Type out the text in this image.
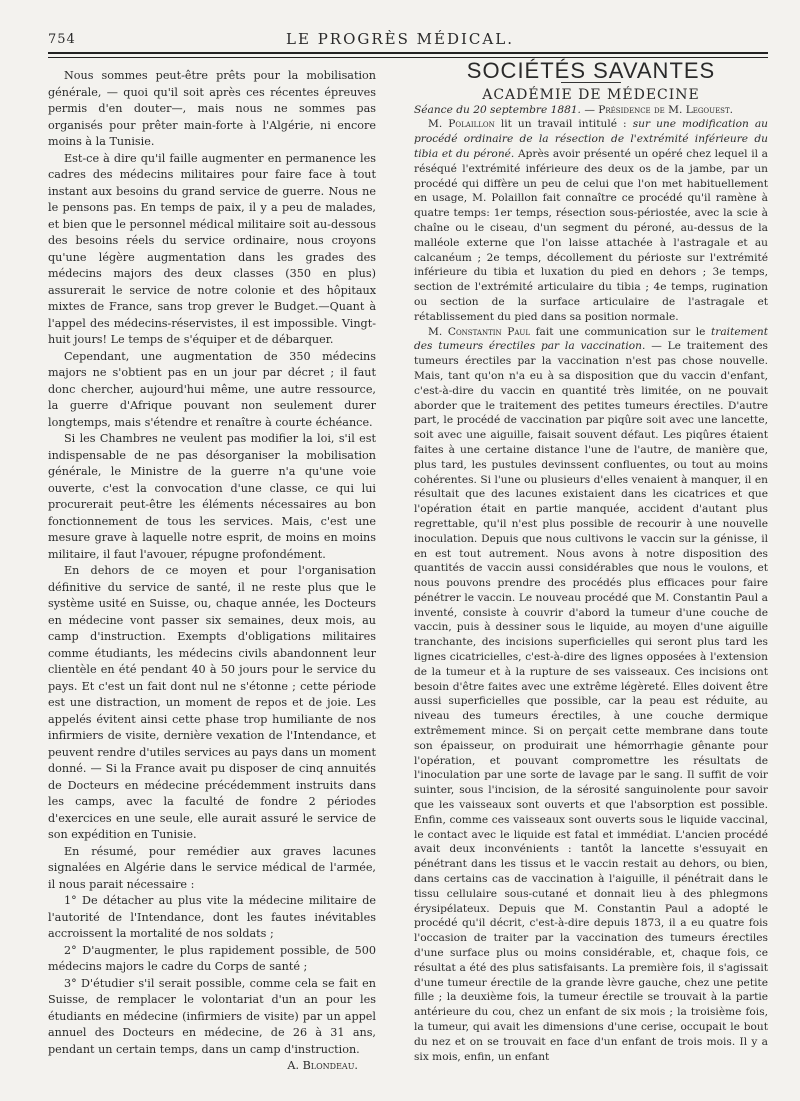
754	LE PROGRÈS MÉDICAL.

Nous sommes peut-être prêts pour la mobilisation générale, — quoi qu'il soit après ces récentes épreuves permis d'en douter—, mais nous ne sommes pas organisés pour prêter main-forte à l'Algérie, ni encore moins à la Tunisie.

Est-ce à dire qu'il faille augmenter en permanence les cadres des médecins militaires pour faire face à tout instant aux besoins du grand service de guerre. Nous ne le pensons pas. En temps de paix, il y a peu de malades, et bien que le personnel médical militaire soit au-dessous des besoins réels du service ordinaire, nous croyons qu'une légère augmentation dans les grades des médecins majors des deux classes (350 en plus) assurerait le service de notre colonie et des hôpitaux mixtes de France, sans trop grever le Budget.—Quant à l'appel des médecins-réservistes, il est impossible. Vingt-huit jours! Le temps de s'équiper et de débarquer.

Cependant, une augmentation de 350 médecins majors ne s'obtient pas en un jour par décret ; il faut donc chercher, aujourd'hui même, une autre ressource, la guerre d'Afrique pouvant non seulement durer longtemps, mais s'étendre et renaître à courte échéance.

Si les Chambres ne veulent pas modifier la loi, s'il est indispensable de ne pas désorganiser la mobilisation générale, le Ministre de la guerre n'a qu'une voie ouverte, c'est la convocation d'une classe, ce qui lui procurerait peut-être les éléments nécessaires au bon fonctionnement de tous les services. Mais, c'est une mesure grave à laquelle notre esprit, de moins en moins militaire, il faut l'avouer, répugne profondément.

En dehors de ce moyen et pour l'organisation définitive du service de santé, il ne reste plus que le système usité en Suisse, ou, chaque année, les Docteurs en médecine vont passer six semaines, deux mois, au camp d'instruction. Exempts d'obligations militaires comme étudiants, les médecins civils abandonnent leur clientèle en été pendant 40 à 50 jours pour le service du pays. Et c'est un fait dont nul ne s'étonne ; cette période est une distraction, un moment de repos et de joie. Les appelés évitent ainsi cette phase trop humiliante de nos infirmiers de visite, dernière vexation de l'Intendance, et peuvent rendre d'utiles services au pays dans un moment donné. — Si la France avait pu disposer de cinq annuités de Docteurs en médecine précédemment instruits dans les camps, avec la faculté de fondre 2 périodes d'exercices en une seule, elle aurait assuré le service de son expédition en Tunisie.

En résumé, pour remédier aux graves lacunes signalées en Algérie dans le service médical de l'armée, il nous parait nécessaire :

1° De détacher au plus vite la médecine militaire de l'autorité de l'Intendance, dont les fautes inévitables accroissent la mortalité de nos soldats ;

2° D'augmenter, le plus rapidement possible, de 500 médecins majors le cadre du Corps de santé ;

3° D'étudier s'il serait possible, comme cela se fait en Suisse, de remplacer le volontariat d'un an pour les étudiants en médecine (infirmiers de visite) par un appel annuel des Docteurs en médecine, de 26 à 31 ans, pendant un certain temps, dans un camp d'instruction.

A. Blondeau.

SOCIÉTÉS SAVANTES

ACADÉMIE DE MÉDECINE

Séance du 20 septembre 1881. — Présidence de M. Legouest.

M. Polaillon lit un travail intitulé : sur une modification au procédé ordinaire de la résection de l'extrémité inférieure du tibia et du péroné. Après avoir présenté un opéré chez lequel il a réséqué l'extrémité inférieure des deux os de la jambe, par un procédé qui diffère un peu de celui que l'on met habituellement en usage, M. Polaillon fait connaître ce procédé qu'il ramène à quatre temps: 1er temps, résection sous-périostée, avec la scie à chaîne ou le ciseau, d'un segment du péroné, au-dessus de la malléole externe que l'on laisse attachée à l'astragale et au calcanéum ; 2e temps, décollement du périoste sur l'extrémité inférieure du tibia et luxation du pied en dehors ; 3e temps, section de l'extrémité articulaire du tibia ; 4e temps, rugination ou section de la surface articulaire de l'astragale et rétablissement du pied dans sa position normale.

M. Constantin Paul fait une communication sur le traitement des tumeurs érectiles par la vaccination. — Le traitement des tumeurs érectiles par la vaccination n'est pas chose nouvelle. Mais, tant qu'on n'a eu à sa disposition que du vaccin d'enfant, c'est-à-dire du vaccin en quantité très limitée, on ne pouvait aborder que le traitement des petites tumeurs érectiles. D'autre part, le procédé de vaccination par piqûre soit avec une lancette, soit avec une aiguille, faisait souvent défaut. Les piqûres étaient faites à une certaine distance l'une de l'autre, de manière que, plus tard, les pustules devinssent confluentes, ou tout au moins cohérentes. Si l'une ou plusieurs d'elles venaient à manquer, il en résultait que des lacunes existaient dans les cicatrices et que l'opération était en partie manquée, accident d'autant plus regrettable, qu'il n'est plus possible de recourir à une nouvelle inoculation. Depuis que nous cultivons le vaccin sur la génisse, il en est tout autrement. Nous avons à notre disposition des quantités de vaccin aussi considérables que nous le voulons, et nous pouvons prendre des procédés plus efficaces pour faire pénétrer le vaccin. Le nouveau procédé que M. Constantin Paul a inventé, consiste à couvrir d'abord la tumeur d'une couche de vaccin, puis à dessiner sous le liquide, au moyen d'une aiguille tranchante, des incisions superficielles qui seront plus tard les lignes cicatricielles, c'est-à-dire des lignes opposées à l'extension de la tumeur et à la rupture de ses vaisseaux. Ces incisions ont besoin d'être faites avec une extrême légèreté. Elles doivent être aussi superficielles que possible, car la peau est réduite, au niveau des tumeurs érectiles, à une couche dermique extrêmement mince. Si on perçait cette membrane dans toute son épaisseur, on produirait une hémorrhagie gênante pour l'opération, et pouvant compromettre les résultats de l'inoculation par une sorte de lavage par le sang. Il suffit de voir suinter, sous l'incision, de la sérosité sanguinolente pour savoir que les vaisseaux sont ouverts et que l'absorption est possible. Enfin, comme ces vaisseaux sont ouverts sous le liquide vaccinal, le contact avec le liquide est fatal et immédiat. L'ancien procédé avait deux inconvénients : tantôt la lancette s'essuyait en pénétrant dans les tissus et le vaccin restait au dehors, ou bien, dans certains cas de vaccination à l'aiguille, il pénétrait dans le tissu cellulaire sous-cutané et donnait lieu à des phlegmons érysipélateux. Depuis que M. Constantin Paul a adopté le procédé qu'il décrit, c'est-à-dire depuis 1873, il a eu quatre fois l'occasion de traiter par la vaccination des tumeurs érectiles d'une surface plus ou moins considérable, et, chaque fois, ce résultat a été des plus satisfaisants. La première fois, il s'agissait d'une tumeur érectile de la grande lèvre gauche, chez une petite fille ; la deuxième fois, la tumeur érectile se trouvait à la partie antérieure du cou, chez un enfant de six mois ; la troisième fois, la tumeur, qui avait les dimensions d'une cerise, occupait le bout du nez et on se trouvait en face d'un enfant de trois mois. Il y a six mois, enfin, un enfant
